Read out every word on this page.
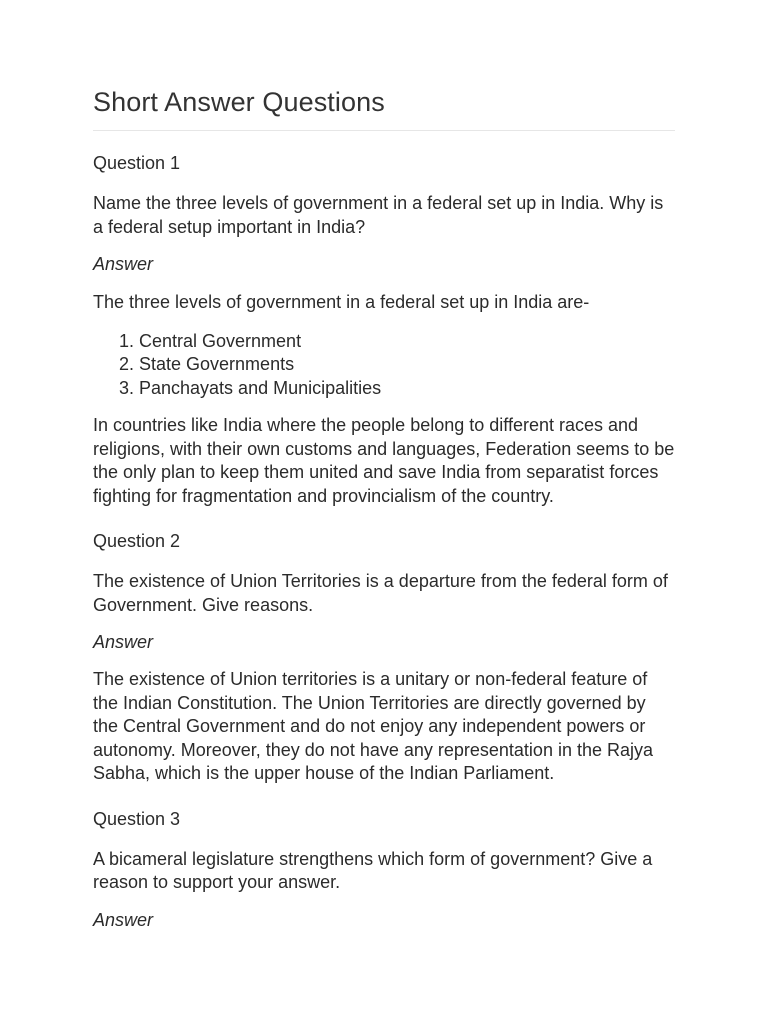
Short Answer Questions
Question 1

Name the three levels of government in a federal set up in India. Why is a federal setup important in India?

Answer

The three levels of government in a federal set up in India are-

1. Central Government
2. State Governments
3. Panchayats and Municipalities

In countries like India where the people belong to different races and religions, with their own customs and languages, Federation seems to be the only plan to keep them united and save India from separatist forces fighting for fragmentation and provincialism of the country.

Question 2

The existence of Union Territories is a departure from the federal form of Government. Give reasons.

Answer

The existence of Union territories is a unitary or non-federal feature of the Indian Constitution. The Union Territories are directly governed by the Central Government and do not enjoy any independent powers or autonomy. Moreover, they do not have any representation in the Rajya Sabha, which is the upper house of the Indian Parliament.

Question 3

A bicameral legislature strengthens which form of government? Give a reason to support your answer.

Answer
